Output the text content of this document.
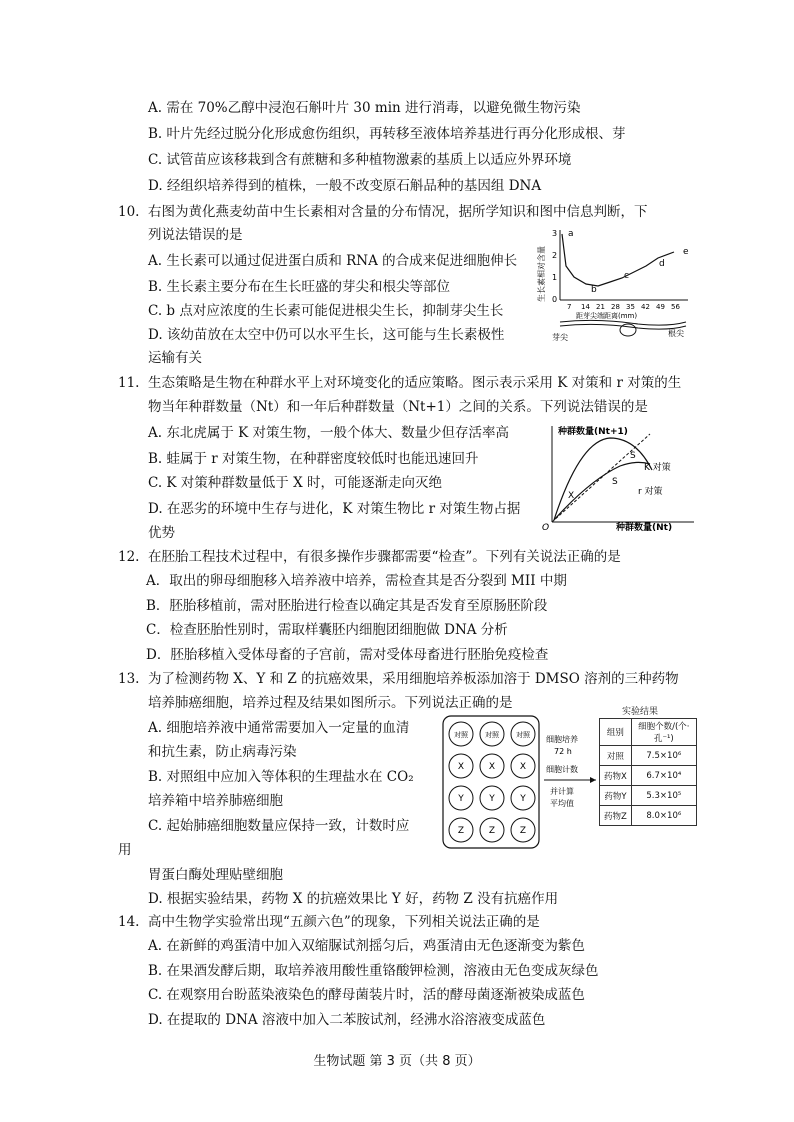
A. 需在 70%乙醇中浸泡石斛叶片 30 min 进行消毒，以避免微生物污染
B. 叶片先经过脱分化形成愈伤组织，再转移至液体培养基进行再分化形成根、芽
C. 试管苗应该移栽到含有蔗糖和多种植物激素的基质上以适应外界环境
D. 经组织培养得到的植株，一般不改变原石斛品种的基因组 DNA
10. 右图为黄化燕麦幼苗中生长素相对含量的分布情况，据所学知识和图中信息判断，下
列说法错误的是
A. 生长素可以通过促进蛋白质和 RNA 的合成来促进细胞伸长
B. 生长素主要分布在生长旺盛的芽尖和根尖等部位
C. b 点对应浓度的生长素可能促进根尖生长，抑制芽尖生长
D. 该幼苗放在太空中仍可以水平生长，这可能与生长素极性
运输有关
生长素相对含量
3
2
1
0
7 14 21 28 35 42 49 56
a
b
c
d
e
距芽尖端距离(mm)
芽尖	根尖
11. 生态策略是生物在种群水平上对环境变化的适应策略。图示表示采用 K 对策和 r 对策的生
物当年种群数量（Nt）和一年后种群数量（Nt+1）之间的关系。下列说法错误的是
A. 东北虎属于 K 对策生物，一般个体大、数量少但存活率高
B. 蛙属于 r 对策生物，在种群密度较低时也能迅速回升
C. K 对策种群数量低于 X 时，可能逐渐走向灭绝
D. 在恶劣的环境中生存与进化，K 对策生物比 r 对策生物占据
优势
种群数量(Nt+1)
O	种群数量(Nt)
X
S
S
K 对策
r 对策
12. 在胚胎工程技术过程中，有很多操作步骤都需要“检查”。下列有关说法正确的是
A．取出的卵母细胞移入培养液中培养，需检查其是否分裂到 MII 中期
B．胚胎移植前，需对胚胎进行检查以确定其是否发育至原肠胚阶段
C．检查胚胎性别时，需取样囊胚内细胞团细胞做 DNA 分析
D．胚胎移植入受体母畜的子宫前，需对受体母畜进行胚胎免疫检查
13. 为了检测药物 X、Y 和 Z 的抗癌效果，采用细胞培养板添加溶于 DMSO 溶剂的三种药物
培养肺癌细胞，培养过程及结果如图所示。下列说法正确的是
A. 细胞培养液中通常需要加入一定量的血清
和抗生素，防止病毒污染
B. 对照组中应加入等体积的生理盐水在 CO₂
培养箱中培养肺癌细胞
C. 起始肺癌细胞数量应保持一致，计数时应
用
胃蛋白酶处理贴壁细胞
D. 根据实验结果，药物 X 的抗癌效果比 Y 好，药物 Z 没有抗癌作用
对照 对照 对照
X	X	X
Y	Y	Y
Z	Z	Z
细胞培养
72 h
细胞计数
并计算
平均值
实验结果
组别	细胞个数/(个·孔⁻¹)
对照	7.5×10⁶
药物X	6.7×10⁴
药物Y	5.3×10⁵
药物Z	8.0×10⁶
14. 高中生物学实验常出现“五颜六色”的现象，下列相关说法正确的是
A. 在新鲜的鸡蛋清中加入双缩脲试剂摇匀后，鸡蛋清由无色逐渐变为紫色
B. 在果酒发酵后期，取培养液用酸性重铬酸钾检测，溶液由无色变成灰绿色
C. 在观察用台盼蓝染液染色的酵母菌装片时，活的酵母菌逐渐被染成蓝色
D. 在提取的 DNA 溶液中加入二苯胺试剂，经沸水浴溶液变成蓝色
生物试题 第 3 页（共 8 页）
